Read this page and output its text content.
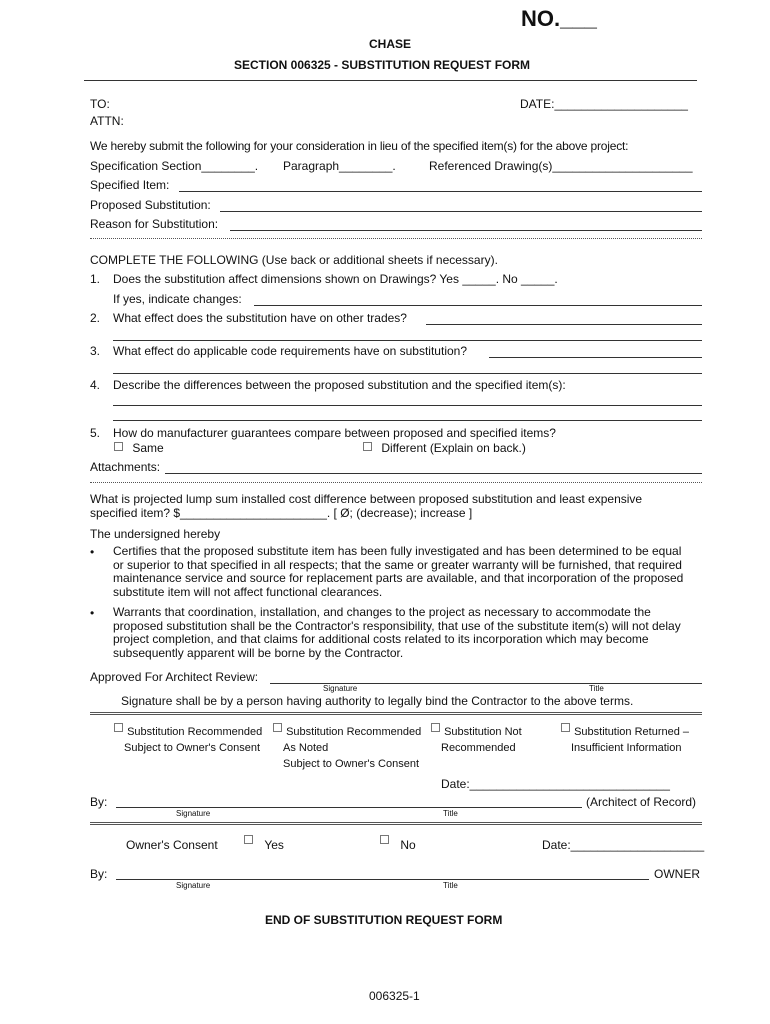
NO.___
CHASE
SECTION 006325 - SUBSTITUTION REQUEST FORM
TO:
ATTN:
DATE:____________________
We hereby submit the following for your consideration in lieu of the specified item(s) for the above project:
Specification Section________. Paragraph________.	Referenced Drawing(s)_____________________
Specified Item:
Proposed Substitution:
Reason for Substitution:
COMPLETE THE FOLLOWING (Use back or additional sheets if necessary).
1. Does the substitution affect dimensions shown on Drawings? Yes _____. No _____.
If yes, indicate changes:
2. What effect does the substitution have on other trades?
3. What effect do applicable code requirements have on substitution?
4. Describe the differences between the proposed substitution and the specified item(s):
5. How do manufacturer guarantees compare between proposed and specified items?
Same	Different (Explain on back.)
Attachments:
What is projected lump sum installed cost difference between proposed substitution and least expensive
specified item? $______________________. [ Ø; (decrease); increase ]
The undersigned hereby
• Certifies that the proposed substitute item has been fully investigated and has been determined to be equal or superior to that specified in all respects; that the same or greater warranty will be furnished, that required maintenance service and source for replacement parts are available, and that incorporation of the proposed substitute item will not affect functional clearances.
• Warrants that coordination, installation, and changes to the project as necessary to accommodate the proposed substitution shall be the Contractor's responsibility, that use of the substitute item(s) will not delay project completion, and that claims for additional costs related to its incorporation which may become subsequently apparent will be borne by the Contractor.
Approved For Architect Review:
Signature	Title
Signature shall be by a person having authority to legally bind the Contractor to the above terms.
Substitution Recommended
Subject to Owner's Consent
Substitution Recommended
As Noted
Subject to Owner's Consent
Substitution Not
Recommended
Substitution Returned –
Insufficient Information
Date:______________________________
By:	(Architect of Record)
Signature	Title
Owner's Consent	Yes	No	Date:____________________
By:	OWNER
Signature	Title
END OF SUBSTITUTION REQUEST FORM
006325-1
